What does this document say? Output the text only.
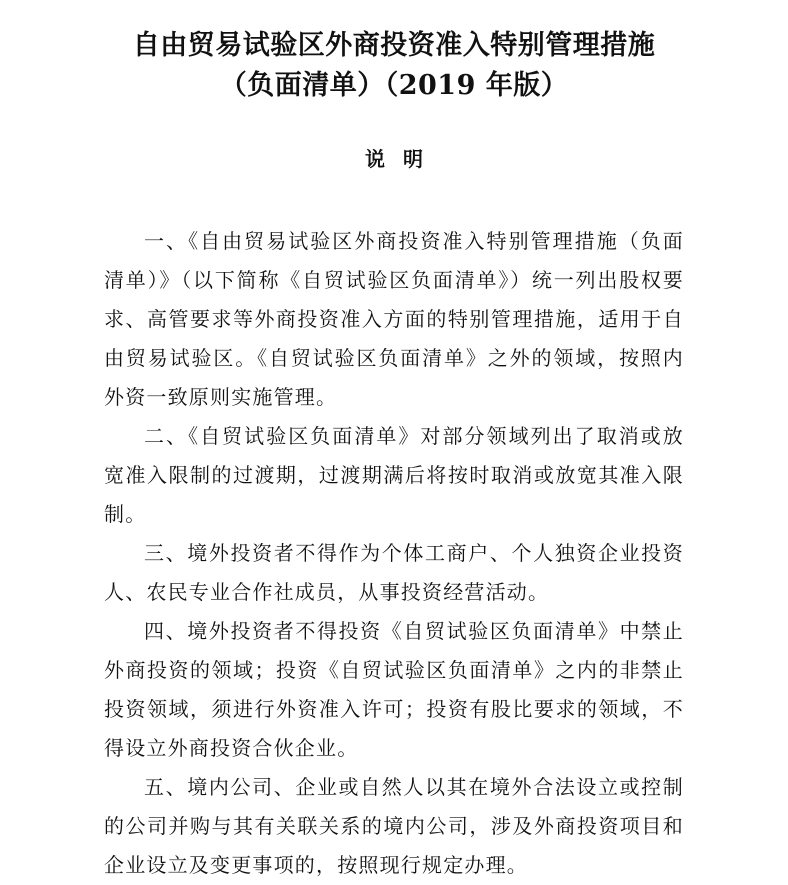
自由贸易试验区外商投资准入特别管理措施
（负面清单）（2019 年版）
说明

一、《自由贸易试验区外商投资准入特别管理措施（负面清单）》（以下简称《自贸试验区负面清单》）统一列出股权要求、高管要求等外商投资准入方面的特别管理措施，适用于自由贸易试验区。《自贸试验区负面清单》之外的领域，按照内外资一致原则实施管理。

二、《自贸试验区负面清单》对部分领域列出了取消或放宽准入限制的过渡期，过渡期满后将按时取消或放宽其准入限制。

三、境外投资者不得作为个体工商户、个人独资企业投资人、农民专业合作社成员，从事投资经营活动。

四、境外投资者不得投资《自贸试验区负面清单》中禁止外商投资的领域；投资《自贸试验区负面清单》之内的非禁止投资领域，须进行外资准入许可；投资有股比要求的领域，不得设立外商投资合伙企业。

五、境内公司、企业或自然人以其在境外合法设立或控制的公司并购与其有关联关系的境内公司，涉及外商投资项目和企业设立及变更事项的，按照现行规定办理。
